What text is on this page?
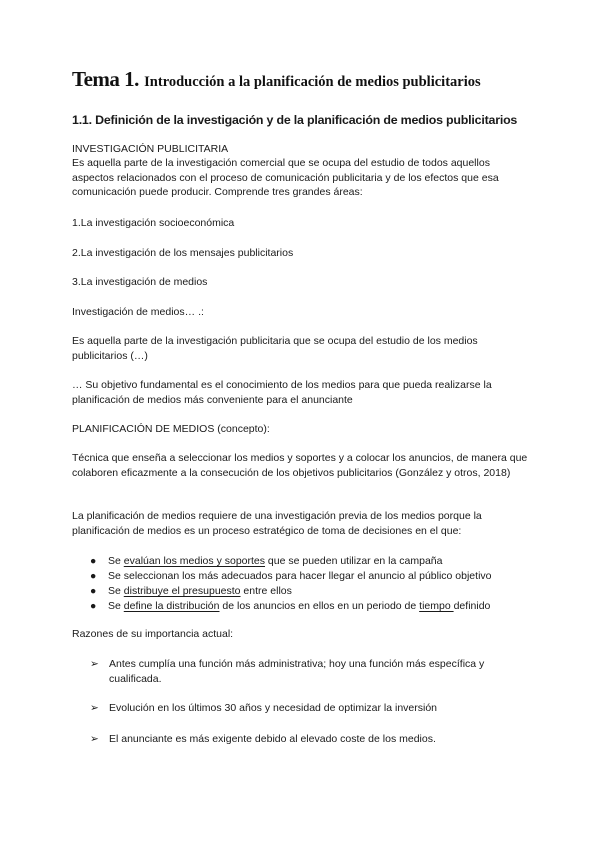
Tema 1. Introducción a la planificación de medios publicitarios
1.1. Definición de la investigación y de la planificación de medios publicitarios

INVESTIGACIÓN PUBLICITARIA

Es aquella parte de la investigación comercial que se ocupa del estudio de todos aquellos aspectos relacionados con el proceso de comunicación publicitaria y de los efectos que esa comunicación puede producir. Comprende tres grandes áreas:

1.La investigación socioeconómica

2.La investigación de los mensajes publicitarios

3.La investigación de medios

Investigación de medios… .:

Es aquella parte de la investigación publicitaria que se ocupa del estudio de los medios publicitarios (…)

… Su objetivo fundamental es el conocimiento de los medios para que pueda realizarse la planificación de medios más conveniente para el anunciante

PLANIFICACIÓN DE MEDIOS (concepto):

Técnica que enseña a seleccionar los medios y soportes y a colocar los anuncios, de manera que colaboren eficazmente a la consecución de los objetivos publicitarios (González y otros, 2018)

La planificación de medios requiere de una investigación previa de los medios porque la planificación de medios es un proceso estratégico de toma de decisiones en el que:

● Se evalúan los medios y soportes que se pueden utilizar en la campaña
● Se seleccionan los más adecuados para hacer llegar el anuncio al público objetivo
● Se distribuye el presupuesto entre ellos
● Se define la distribución de los anuncios en ellos en un periodo de tiempo definido

Razones de su importancia actual:

➢ Antes cumplía una función más administrativa; hoy una función más específica y cualificada.
➢ Evolución en los últimos 30 años y necesidad de optimizar la inversión
➢ El anunciante es más exigente debido al elevado coste de los medios.
